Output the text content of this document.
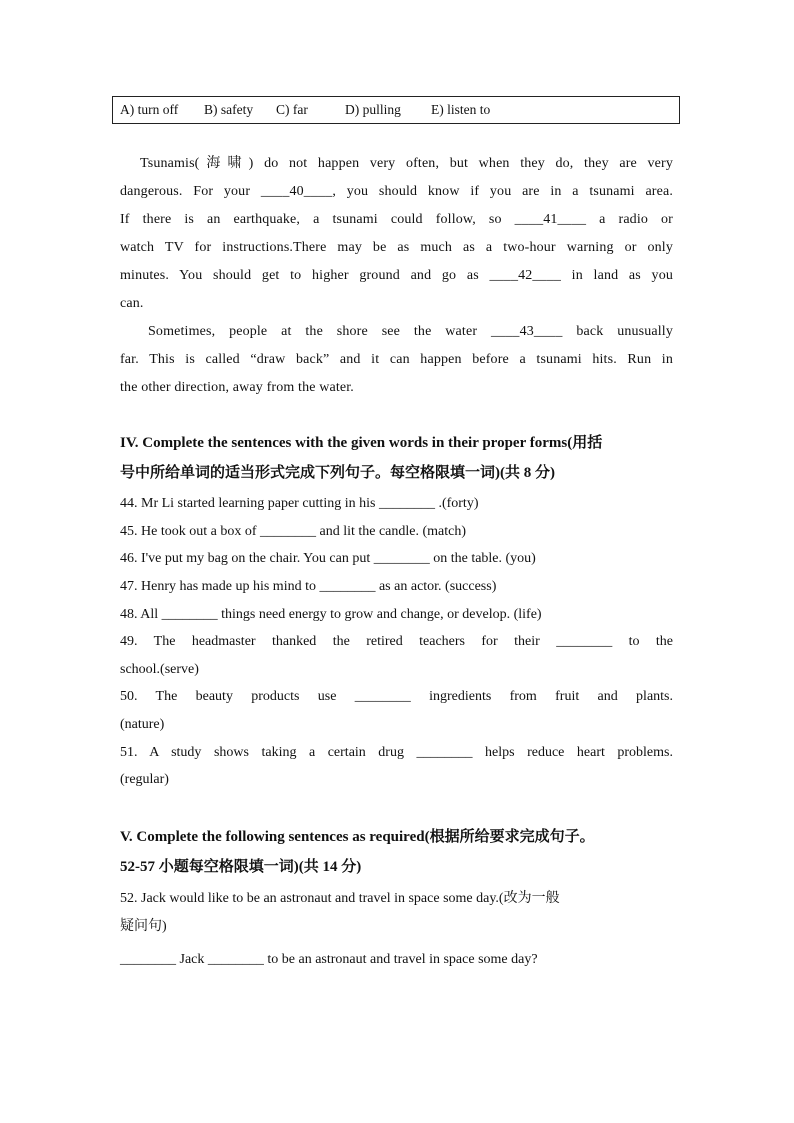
A) turn off B) safety C) far	D) pulling E) listen to
Tsunamis(海啸) do not happen very often, but when they do, they are very
dangerous. For your ____40____, you should know if you are in a tsunami area.
If there is an earthquake, a tsunami could follow, so ____41____ a radio or
watch TV for instructions.There may be as much as a two-hour warning or only
minutes. You should get to higher ground and go as ____42____ in land as you
can.
Sometimes, people at the shore see the water ____43____ back unusually
far. This is called “draw back” and it can happen before a tsunami hits. Run in
the other direction, away from the water.
IV. Complete the sentences with the given words in their proper forms(用括
号中所给单词的适当形式完成下列句子。每空格限填一词)(共 8 分)
44. Mr Li started learning paper cutting in his ________ .(forty)
45. He took out a box of ________ and lit the candle. (match)
46. I've put my bag on the chair. You can put ________ on the table. (you)
47. Henry has made up his mind to ________ as an actor. (success)
48. All ________ things need energy to grow and change, or develop. (life)
49. The headmaster thanked the retired teachers for their ________ to the
school.(serve)
50. The beauty products use ________ ingredients from fruit and plants.
(nature)
51. A study shows taking a certain drug ________ helps reduce heart problems.
(regular)
V. Complete the following sentences as required(根据所给要求完成句子。
52-57 小题每空格限填一词)(共 14 分)
52. Jack would like to be an astronaut and travel in space some day.(改为一般
疑问句)
________ Jack ________ to be an astronaut and travel in space some day?
